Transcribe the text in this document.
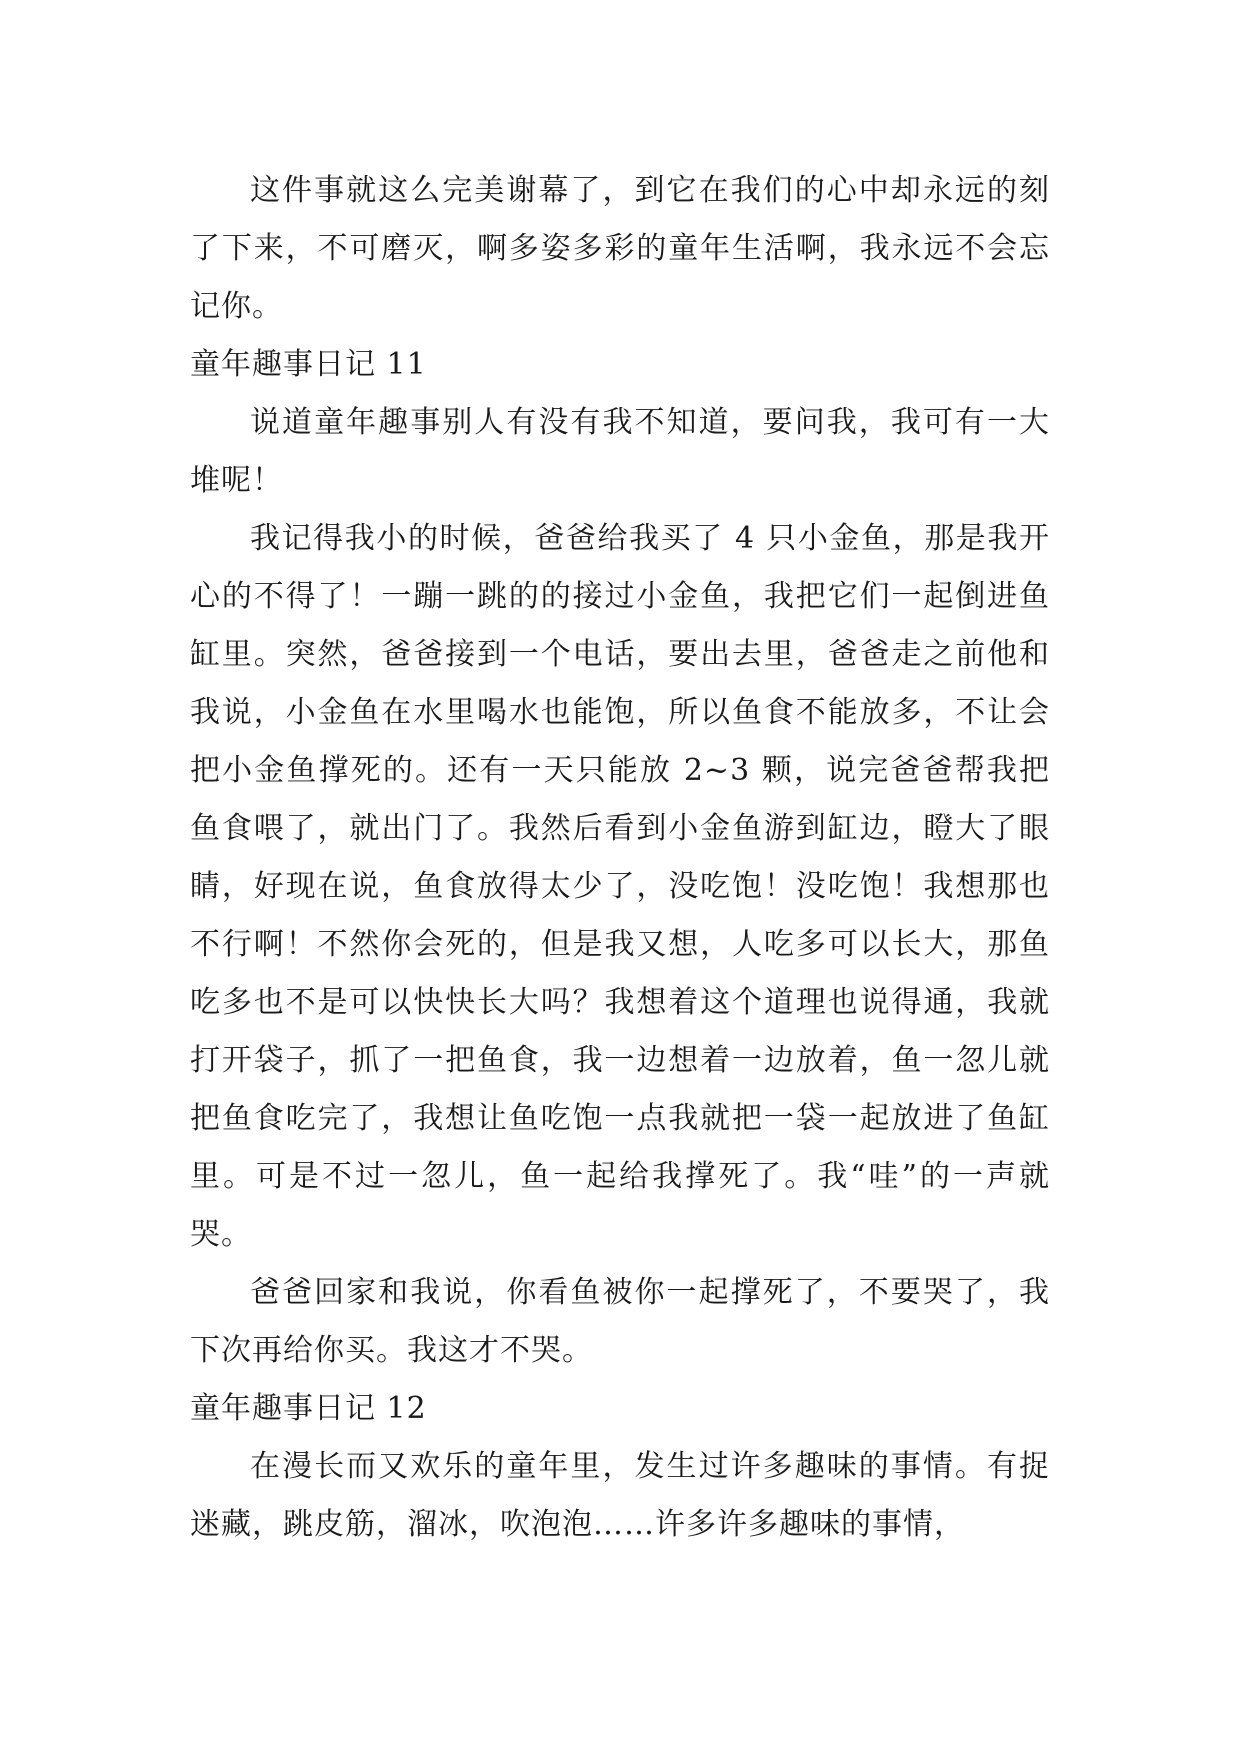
这件事就这么完美谢幕了，到它在我们的心中却永远的刻了下来，不可磨灭，啊多姿多彩的童年生活啊，我永远不会忘记你。

童年趣事日记 11

说道童年趣事别人有没有我不知道，要问我，我可有一大堆呢！

我记得我小的时候，爸爸给我买了 4 只小金鱼，那是我开心的不得了！一蹦一跳的的接过小金鱼，我把它们一起倒进鱼缸里。突然，爸爸接到一个电话，要出去里，爸爸走之前他和我说，小金鱼在水里喝水也能饱，所以鱼食不能放多，不让会把小金鱼撑死的。还有一天只能放 2~3 颗，说完爸爸帮我把鱼食喂了，就出门了。我然后看到小金鱼游到缸边，瞪大了眼睛，好现在说，鱼食放得太少了，没吃饱！没吃饱！我想那也不行啊！不然你会死的，但是我又想，人吃多可以长大，那鱼吃多也不是可以快快长大吗？我想着这个道理也说得通，我就打开袋子，抓了一把鱼食，我一边想着一边放着，鱼一忽儿就把鱼食吃完了，我想让鱼吃饱一点我就把一袋一起放进了鱼缸里。可是不过一忽儿，鱼一起给我撑死了。我“哇”的一声就哭。

爸爸回家和我说，你看鱼被你一起撑死了，不要哭了，我下次再给你买。我这才不哭。

童年趣事日记 12

在漫长而又欢乐的童年里，发生过许多趣味的事情。有捉迷藏，跳皮筋，溜冰，吹泡泡……许多许多趣味的事情，
